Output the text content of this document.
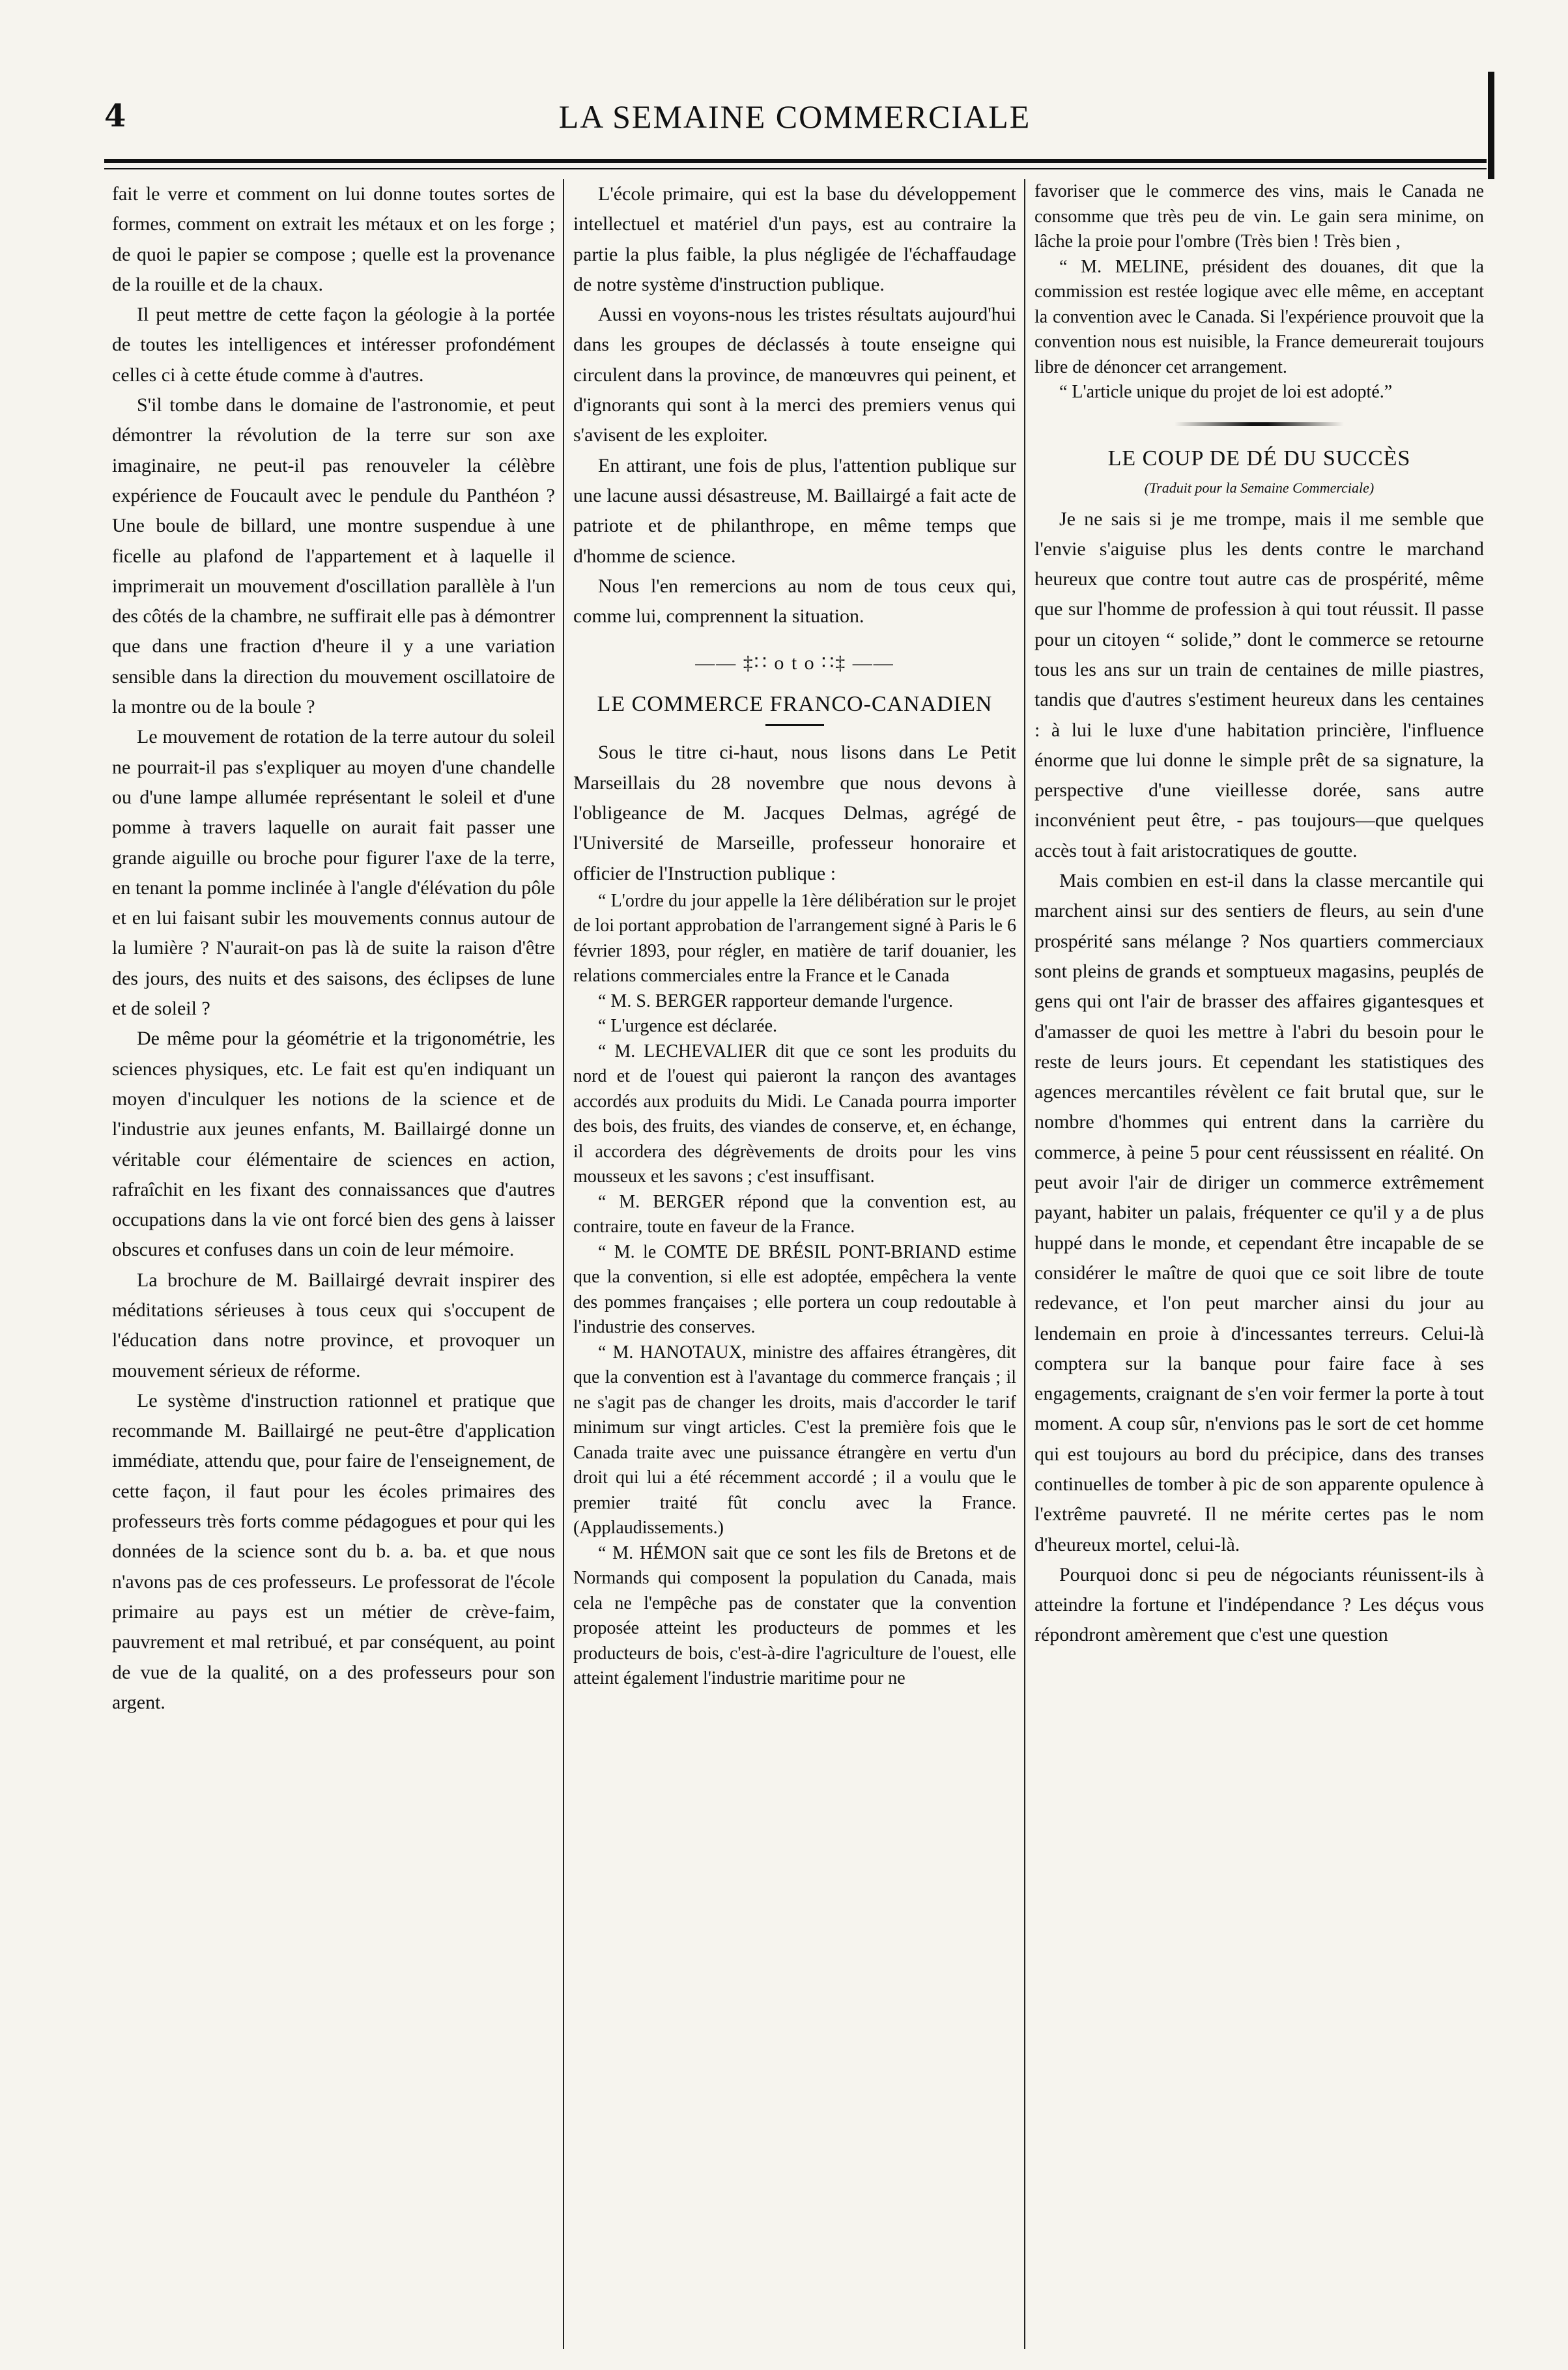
4	LA SEMAINE COMMERCIALE

fait le verre et comment on lui donne toutes sortes de formes, comment on extrait les métaux et on les forge ; de quoi le papier se compose ; quelle est la provenance de la rouille et de la chaux.

Il peut mettre de cette façon la géologie à la portée de toutes les intelligences et intéresser profondément celles ci à cette étude comme à d'autres.

S'il tombe dans le domaine de l'astronomie, et peut démontrer la révolution de la terre sur son axe imaginaire, ne peut-il pas renouveler la célèbre expérience de Foucault avec le pendule du Panthéon ? Une boule de billard, une montre suspendue à une ficelle au plafond de l'appartement et à laquelle il imprimerait un mouvement d'oscillation parallèle à l'un des côtés de la chambre, ne suffirait elle pas à démontrer que dans une fraction d'heure il y a une variation sensible dans la direction du mouvement oscillatoire de la montre ou de la boule ?

Le mouvement de rotation de la terre autour du soleil ne pourrait-il pas s'expliquer au moyen d'une chandelle ou d'une lampe allumée représentant le soleil et d'une pomme à travers laquelle on aurait fait passer une grande aiguille ou broche pour figurer l'axe de la terre, en tenant la pomme inclinée à l'angle d'élévation du pôle et en lui faisant subir les mouvements connus autour de la lumière ? N'aurait-on pas là de suite la raison d'être des jours, des nuits et des saisons, des éclipses de lune et de soleil ?

De même pour la géométrie et la trigonométrie, les sciences physiques, etc. Le fait est qu'en indiquant un moyen d'inculquer les notions de la science et de l'industrie aux jeunes enfants, M. Baillairgé donne un véritable cour élémentaire de sciences en action, rafraîchit en les fixant des connaissances que d'autres occupations dans la vie ont forcé bien des gens à laisser obscures et confuses dans un coin de leur mémoire.

La brochure de M. Baillairgé devrait inspirer des méditations sérieuses à tous ceux qui s'occupent de l'éducation dans notre province, et provoquer un mouvement sérieux de réforme.

Le système d'instruction rationnel et pratique que recommande M. Baillairgé ne peut-être d'application immédiate, attendu que, pour faire de l'enseignement, de cette façon, il faut pour les écoles primaires des professeurs très forts comme pédagogues et pour qui les données de la science sont du b. a. ba. et que nous n'avons pas de ces professeurs. Le professorat de l'école primaire au pays est un métier de crève-faim, pauvrement et mal retribué, et par conséquent, au point de vue de la qualité, on a des professeurs pour son argent.

L'école primaire, qui est la base du développement intellectuel et matériel d'un pays, est au contraire la partie la plus faible, la plus négligée de l'échaffaudage de notre système d'instruction publique.

Aussi en voyons-nous les tristes résultats aujourd'hui dans les groupes de déclassés à toute enseigne qui circulent dans la province, de manœuvres qui peinent, et d'ignorants qui sont à la merci des premiers venus qui s'avisent de les exploiter.

En attirant, une fois de plus, l'attention publique sur une lacune aussi désastreuse, M. Baillairgé a fait acte de patriote et de philanthrope, en même temps que d'homme de science.

Nous l'en remercions au nom de tous ceux qui, comme lui, comprennent la situation.

—— ‡∷ o t o ∷‡ ——
LE COMMERCE FRANCO-CANADIEN

Sous le titre ci-haut, nous lisons dans Le Petit Marseillais du 28 novembre que nous devons à l'obligeance de M. Jacques Delmas, agrégé de l'Université de Marseille, professeur honoraire et officier de l'Instruction publique :

“ L'ordre du jour appelle la 1ère délibération sur le projet de loi portant approbation de l'arrangement signé à Paris le 6 février 1893, pour régler, en matière de tarif douanier, les relations commerciales entre la France et le Canada

“ M. S. BERGER rapporteur demande l'urgence.

“ L'urgence est déclarée.

“ M. LECHEVALIER dit que ce sont les produits du nord et de l'ouest qui paieront la rançon des avantages accordés aux produits du Midi. Le Canada pourra importer des bois, des fruits, des viandes de conserve, et, en échange, il accordera des dégrèvements de droits pour les vins mousseux et les savons ; c'est insuffisant.

“ M. BERGER répond que la convention est, au contraire, toute en faveur de la France.

“ M. le COMTE DE BRÉSIL PONT-BRIAND estime que la convention, si elle est adoptée, empêchera la vente des pommes françaises ; elle portera un coup redoutable à l'industrie des conserves.

“ M. HANOTAUX, ministre des affaires étrangères, dit que la convention est à l'avantage du commerce français ; il ne s'agit pas de changer les droits, mais d'accorder le tarif minimum sur vingt articles. C'est la première fois que le Canada traite avec une puissance étrangère en vertu d'un droit qui lui a été récemment accordé ; il a voulu que le premier traité fût conclu avec la France. (Applaudissements.)

“ M. HÉMON sait que ce sont les fils de Bretons et de Normands qui composent la population du Canada, mais cela ne l'empêche pas de constater que la convention proposée atteint les producteurs de pommes et les producteurs de bois, c'est-à-dire l'agriculture de l'ouest, elle atteint également l'industrie maritime pour ne

favoriser que le commerce des vins, mais le Canada ne consomme que très peu de vin. Le gain sera minime, on lâche la proie pour l'ombre (Très bien ! Très bien ,

“ M. MELINE, président des douanes, dit que la commission est restée logique avec elle même, en acceptant la convention avec le Canada. Si l'expérience prouvoit que la convention nous est nuisible, la France demeurerait toujours libre de dénoncer cet arrangement.

“ L'article unique du projet de loi est adopté.”

LE COUP DE DÉ DU SUCCÈS
(Traduit pour la Semaine Commerciale)

Je ne sais si je me trompe, mais il me semble que l'envie s'aiguise plus les dents contre le marchand heureux que contre tout autre cas de prospérité, même que sur l'homme de profession à qui tout réussit. Il passe pour un citoyen “ solide,” dont le commerce se retourne tous les ans sur un train de centaines de mille piastres, tandis que d'autres s'estiment heureux dans les centaines : à lui le luxe d'une habitation princière, l'influence énorme que lui donne le simple prêt de sa signature, la perspective d'une vieillesse dorée, sans autre inconvénient peut être, - pas toujours—que quelques accès tout à fait aristocratiques de goutte.

Mais combien en est-il dans la classe mercantile qui marchent ainsi sur des sentiers de fleurs, au sein d'une prospérité sans mélange ? Nos quartiers commerciaux sont pleins de grands et somptueux magasins, peuplés de gens qui ont l'air de brasser des affaires gigantesques et d'amasser de quoi les mettre à l'abri du besoin pour le reste de leurs jours. Et cependant les statistiques des agences mercantiles révèlent ce fait brutal que, sur le nombre d'hommes qui entrent dans la carrière du commerce, à peine 5 pour cent réussissent en réalité. On peut avoir l'air de diriger un commerce extrêmement payant, habiter un palais, fréquenter ce qu'il y a de plus huppé dans le monde, et cependant être incapable de se considérer le maître de quoi que ce soit libre de toute redevance, et l'on peut marcher ainsi du jour au lendemain en proie à d'incessantes terreurs. Celui-là comptera sur la banque pour faire face à ses engagements, craignant de s'en voir fermer la porte à tout moment. A coup sûr, n'envions pas le sort de cet homme qui est toujours au bord du précipice, dans des transes continuelles de tomber à pic de son apparente opulence à l'extrême pauvreté. Il ne mérite certes pas le nom d'heureux mortel, celui-là.

Pourquoi donc si peu de négociants réunissent-ils à atteindre la fortune et l'indépendance ? Les déçus vous répondront amèrement que c'est une question
